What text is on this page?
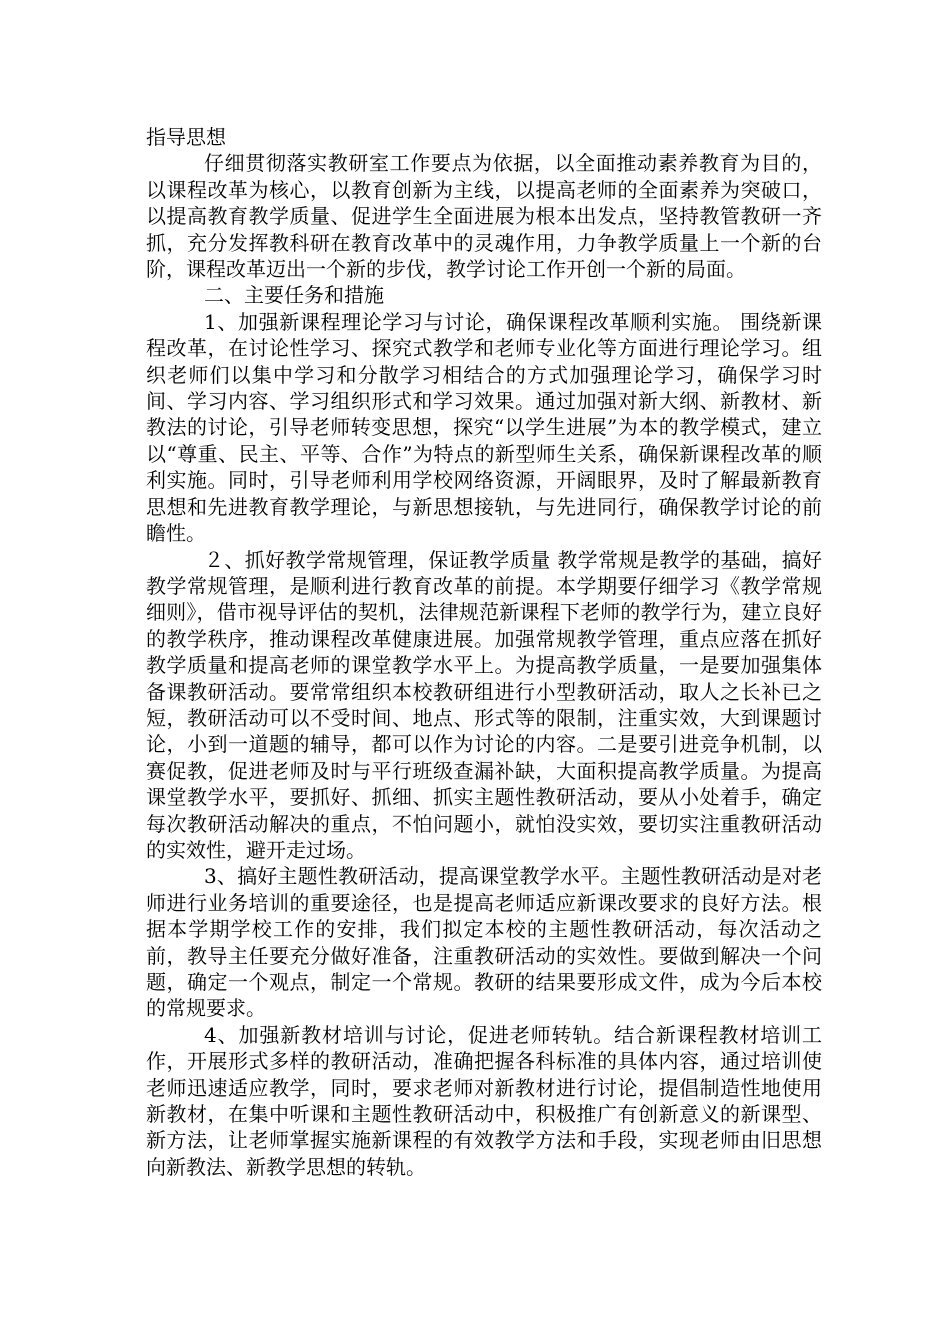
指导思想

仔细贯彻落实教研室工作要点为依据，以全面推动素养教育为目的，以课程改革为核心，以教育创新为主线，以提高老师的全面素养为突破口，以提高教育教学质量、促进学生全面进展为根本出发点，坚持教管教研一齐抓，充分发挥教科研在教育改革中的灵魂作用，力争教学质量上一个新的台阶，课程改革迈出一个新的步伐，教学讨论工作开创一个新的局面。

二、主要任务和措施

1、加强新课程理论学习与讨论，确保课程改革顺利实施。 围绕新课程改革，在讨论性学习、探究式教学和老师专业化等方面进行理论学习。组织老师们以集中学习和分散学习相结合的方式加强理论学习，确保学习时间、学习内容、学习组织形式和学习效果。通过加强对新大纲、新教材、新教法的讨论，引导老师转变思想，探究“以学生进展”为本的教学模式，建立以“尊重、民主、平等、合作”为特点的新型师生关系，确保新课程改革的顺利实施。同时，引导老师利用学校网络资源，开阔眼界，及时了解最新教育思想和先进教育教学理论，与新思想接轨，与先进同行，确保教学讨论的前瞻性。

２、抓好教学常规管理，保证教学质量 教学常规是教学的基础，搞好教学常规管理，是顺利进行教育改革的前提。本学期要仔细学习《教学常规细则》，借市视导评估的契机，法律规范新课程下老师的教学行为，建立良好的教学秩序，推动课程改革健康进展。加强常规教学管理，重点应落在抓好教学质量和提高老师的课堂教学水平上。为提高教学质量，一是要加强集体备课教研活动。要常常组织本校教研组进行小型教研活动，取人之长补已之短，教研活动可以不受时间、地点、形式等的限制，注重实效，大到课题讨论，小到一道题的辅导，都可以作为讨论的内容。二是要引进竞争机制，以赛促教，促进老师及时与平行班级查漏补缺，大面积提高教学质量。为提高课堂教学水平，要抓好、抓细、抓实主题性教研活动，要从小处着手，确定每次教研活动解决的重点，不怕问题小，就怕没实效，要切实注重教研活动的实效性，避开走过场。

3、搞好主题性教研活动，提高课堂教学水平。主题性教研活动是对老师进行业务培训的重要途径，也是提高老师适应新课改要求的良好方法。根据本学期学校工作的安排，我们拟定本校的主题性教研活动，每次活动之前，教导主任要充分做好准备，注重教研活动的实效性。要做到解决一个问题，确定一个观点，制定一个常规。教研的结果要形成文件，成为今后本校的常规要求。

4、加强新教材培训与讨论，促进老师转轨。结合新课程教材培训工作，开展形式多样的教研活动，准确把握各科标准的具体内容，通过培训使老师迅速适应教学，同时，要求老师对新教材进行讨论，提倡制造性地使用新教材，在集中听课和主题性教研活动中，积极推广有创新意义的新课型、新方法，让老师掌握实施新课程的有效教学方法和手段，实现老师由旧思想向新教法、新教学思想的转轨。
